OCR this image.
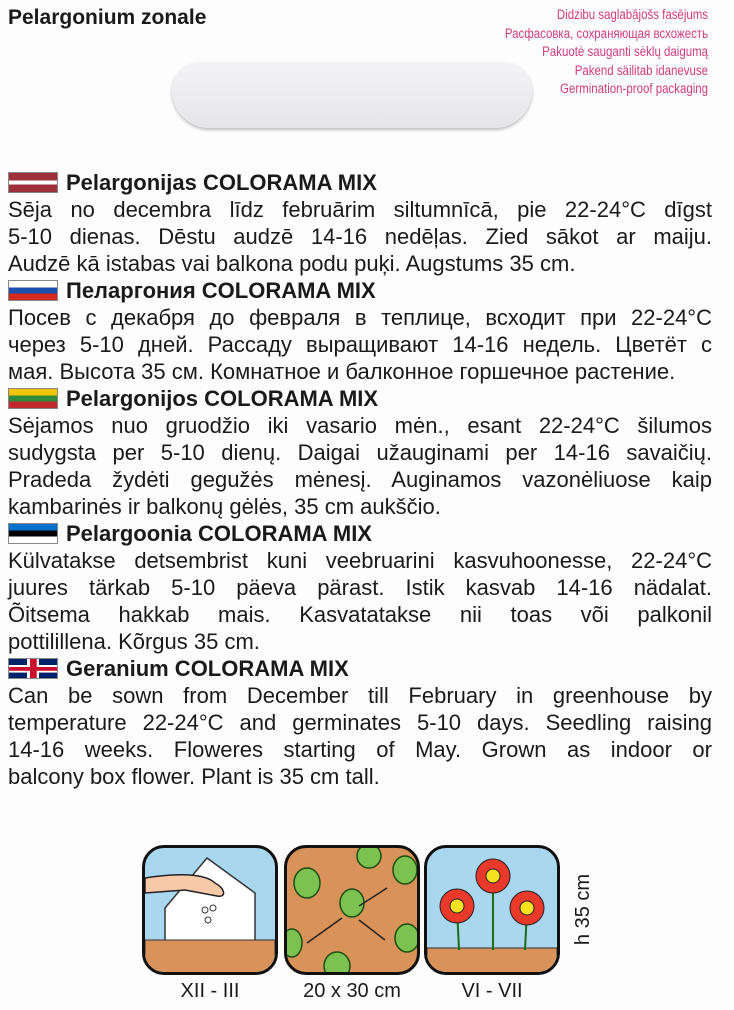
Pelargonium zonale	Didzibu saglabājošs fasējums
Расфасовка, сохраняющая всхожесть
Pakuotė sauganti sėklų daigumą
Pakend säilitab idanevuse
Germination-proof packaging
Pelargonijas COLORAMA MIX
Sēja no decembra līdz februārim siltumnīcā, pie 22-24°C dīgst
5-10 dienas. Dēstu audzē 14-16 nedēļas. Zied sākot ar maiju.
Audzē kā istabas vai balkona podu puķi. Augstums 35 cm.
Пеларгония COLORAMA MIX
Посев с декабря до февраля в теплице, всходит при 22-24°C
через 5-10 дней. Рассаду выращивают 14-16 недель. Цветёт с
мая. Высота 35 см. Комнатное и балконное горшечное растение.
Pelargonijos COLORAMA MIX
Sėjamos nuo gruodžio iki vasario mėn., esant 22-24°C šilumos
sudygsta per 5-10 dienų. Daigai užauginami per 14-16 savaičių.
Pradeda žydėti gegužės mėnesį. Auginamos vazonėliuose kaip
kambarinės ir balkonų gėlės, 35 cm aukščio.
Pelargoonia COLORAMA MIX
Külvatakse detsembrist kuni veebruarini kasvuhoonesse, 22-24°C
juures tärkab 5-10 päeva pärast. Istik kasvab 14-16 nädalat.
Õitsema hakkab mais. Kasvatatakse nii toas või palkonil
pottilillena. Kõrgus 35 cm.
Geranium COLORAMA MIX
Can be sown from December till February in greenhouse by
temperature 22-24°C and germinates 5-10 days. Seedling raising
14-16 weeks. Floweres starting of May. Grown as indoor or
balcony box flower. Plant is 35 cm tall.
XII - III	20 x 30 cm	VI - VII
h 35 cm
